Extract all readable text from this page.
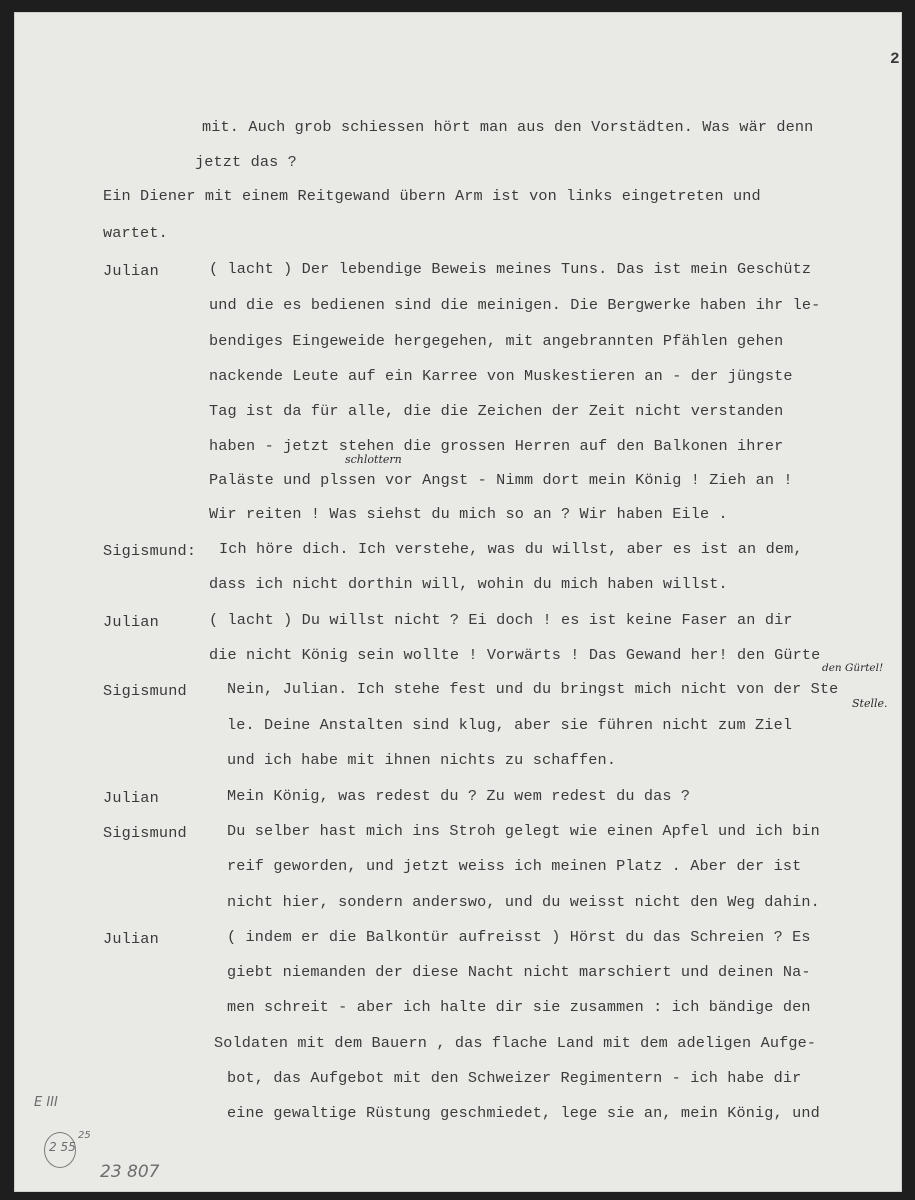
2
mit. Auch grob schiessen hört man aus den Vorstädten. Was wär denn
jetzt das ?
Ein Diener mit einem Reitgewand übern Arm ist von links eingetreten und
wartet.
Julian	( lacht ) Der lebendige Beweis meines Tuns. Das ist mein Geschütz
und die es bedienen sind die meinigen. Die Bergwerke haben ihr le-
bendiges Eingeweide hergegehen, mit angebrannten Pfählen gehen
nackende Leute auf ein Karree von Muskestieren an - der jüngste
Tag ist da für alle, die die Zeichen der Zeit nicht verstanden
haben - jetzt stehen die grossen Herren auf den Balkonen ihrer
schlottern
Paläste und plssen vor Angst - Nimm dort mein König ! Zieh an !
Wir reiten ! Was siehst du mich so an ? Wir haben Eile .
Sigismund: Ich höre dich. Ich verstehe, was du willst, aber es ist an dem,
dass ich nicht dorthin will, wohin du mich haben willst.
Julian	( lacht ) Du willst nicht ? Ei doch ! es ist keine Faser an dir
die nicht König sein wollte ! Vorwärts ! Das Gewand her! den Gürte
den Gürtel!
Sigismund	Nein, Julian. Ich stehe fest und du bringst mich nicht von der Ste
Stelle.
le. Deine Anstalten sind klug, aber sie führen nicht zum Ziel
und ich habe mit ihnen nichts zu schaffen.
Julian	Mein König, was redest du ? Zu wem redest du das ?
Sigismund	Du selber hast mich ins Stroh gelegt wie einen Apfel und ich bin
reif geworden, und jetzt weiss ich meinen Platz . Aber der ist
nicht hier, sondern anderswo, und du weisst nicht den Weg dahin.
Julian	( indem er die Balkontür aufreisst ) Hörst du das Schreien ? Es
giebt niemanden der diese Nacht nicht marschiert und deinen Na-
men schreit - aber ich halte dir sie zusammen : ich bändige den
Soldaten mit dem Bauern , das flache Land mit dem adeligen Aufge-
bot, das Aufgebot mit den Schweizer Regimentern - ich habe dir
eine gewaltige Rüstung geschmiedet, lege sie an, mein König, und
E III
2 55
25
23 807
